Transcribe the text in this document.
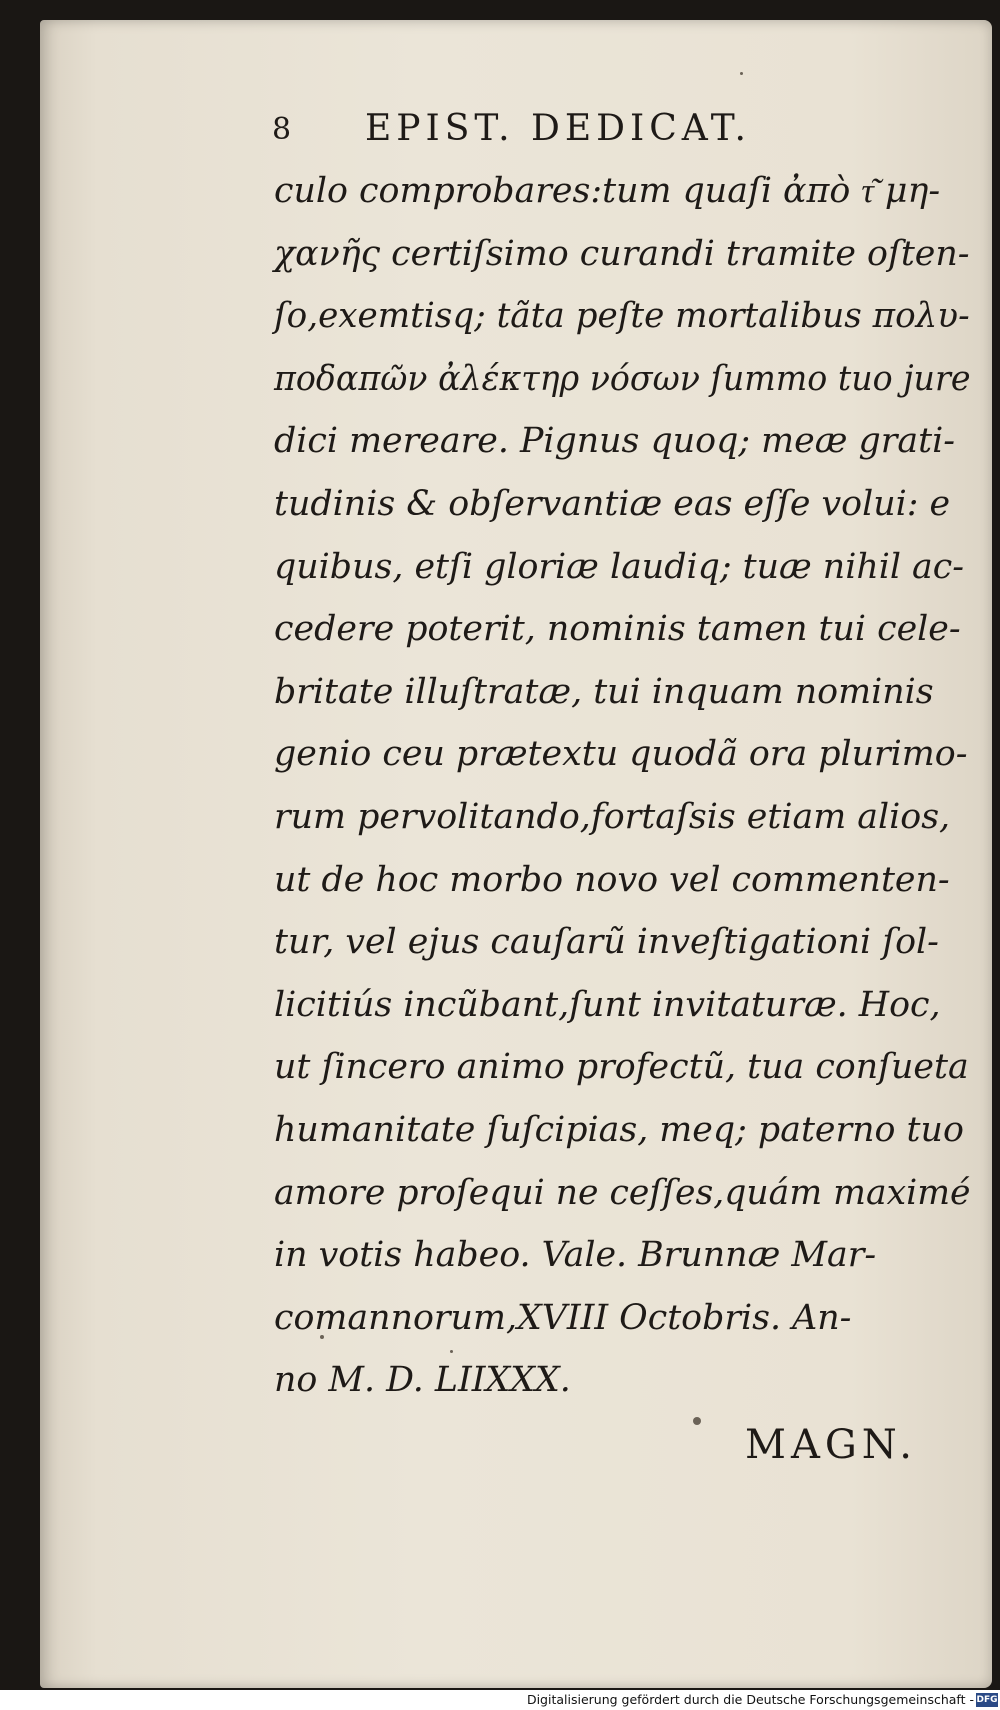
8 EPIST. DEDICAT.
culo comprobares:tum quaſi ἀπὸ τ͂ μη-
χανῆς certiſsimo curandi tramite oſten-
ſo,exemtisq; tãta peſte mortalibus πολυ-
ποδαπῶν ἀλέκτηρ νόσων ſummo tuo jure
dici mereare. Pignus quoq; meæ grati-
tudinis & obſervantiæ eas eſſe volui: e
quibus, etſi gloriæ laudiq; tuæ nihil ac-
cedere poterit, nominis tamen tui cele-
britate illuſtratæ, tui inquam nominis
genio ceu prætextu quodã ora plurimo-
rum pervolitando,fortaſsis etiam alios,
ut de hoc morbo novo vel commenten-
tur, vel ejus cauſarũ inveſtigationi ſol-
licitiús incũbant,ſunt invitaturæ. Hoc,
ut ſincero animo profectũ, tua conſueta
humanitate ſuſcipias, meq; paterno tuo
amore proſequi ne ceſſes,quám maximé
in votis habeo. Vale. Brunnæ Mar-
comannorum,XVIII Octobris. An-
no M. D. LIIXXX.
MAGN.
Digitalisierung gefördert durch die Deutsche Forschungsgemeinschaft - DFG
